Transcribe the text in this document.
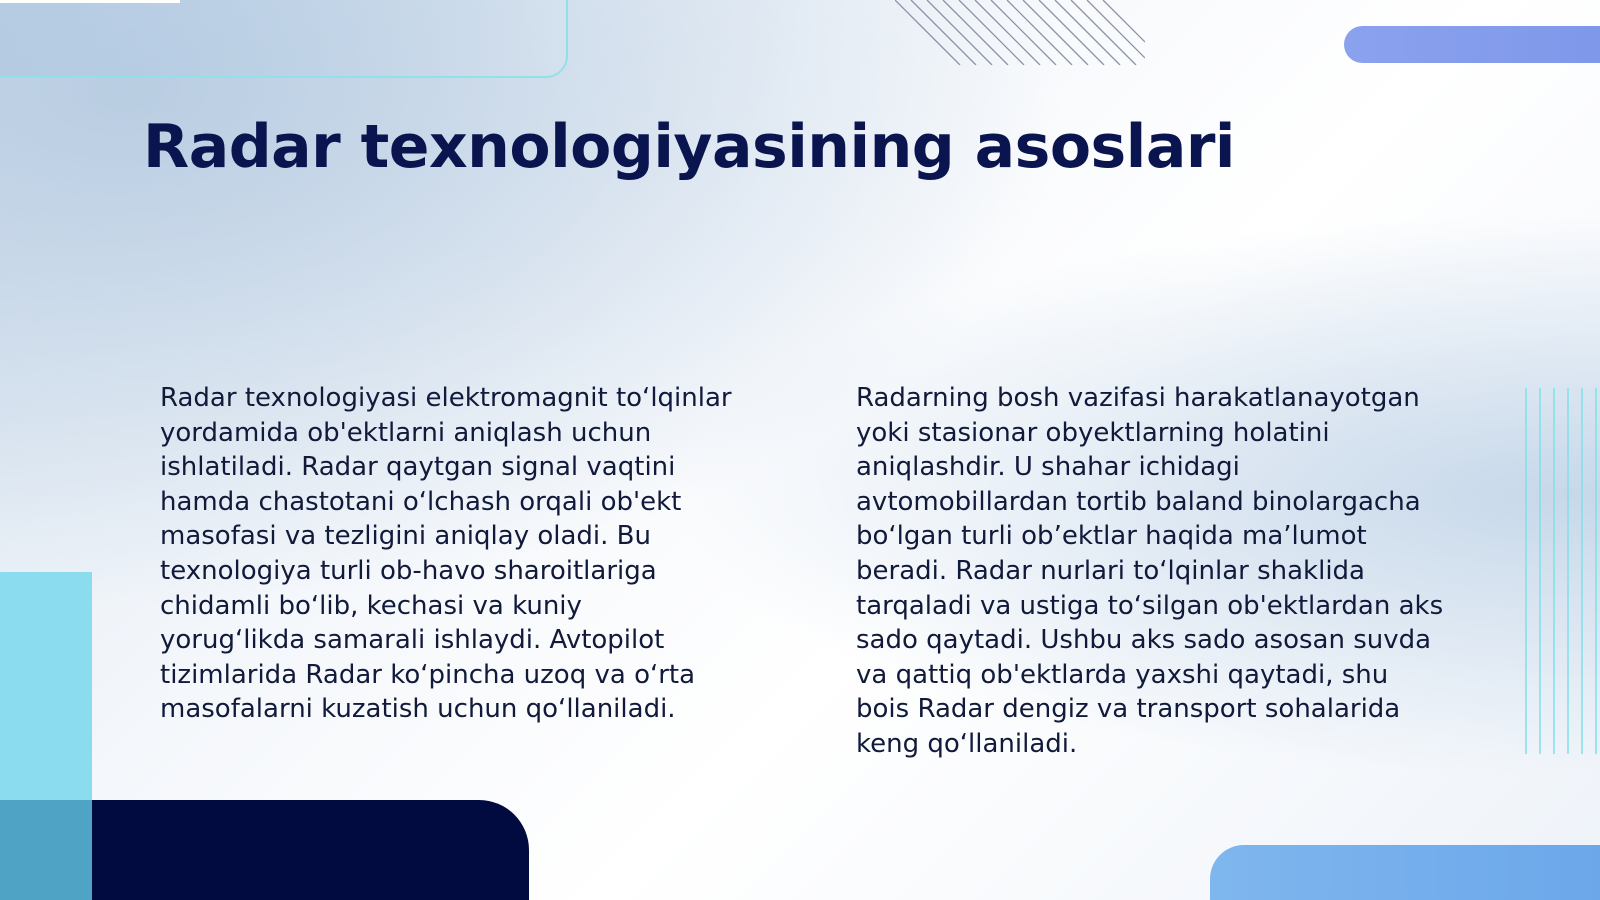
Radar texnologiyasining asoslari

Radar texnologiyasi elektromagnit to‘lqinlar yordamida ob'ektlarni aniqlash uchun ishlatiladi. Radar qaytgan signal vaqtini hamda chastotani o‘lchash orqali ob'ekt masofasi va tezligini aniqlay oladi. Bu texnologiya turli ob-havo sharoitlariga chidamli bo‘lib, kechasi va kuniy yorug‘likda samarali ishlaydi. Avtopilot tizimlarida Radar ko‘pincha uzoq va o‘rta masofalarni kuzatish uchun qo‘llaniladi.

Radarning bosh vazifasi harakatlanayotgan yoki stasionar obyektlarning holatini aniqlashdir. U shahar ichidagi avtomobillardan tortib baland binolargacha bo‘lgan turli ob’ektlar haqida ma’lumot beradi. Radar nurlari to‘lqinlar shaklida tarqaladi va ustiga to‘silgan ob'ektlardan aks sado qaytadi. Ushbu aks sado asosan suvda va qattiq ob'ektlarda yaxshi qaytadi, shu bois Radar dengiz va transport sohalarida keng qo‘llaniladi.
